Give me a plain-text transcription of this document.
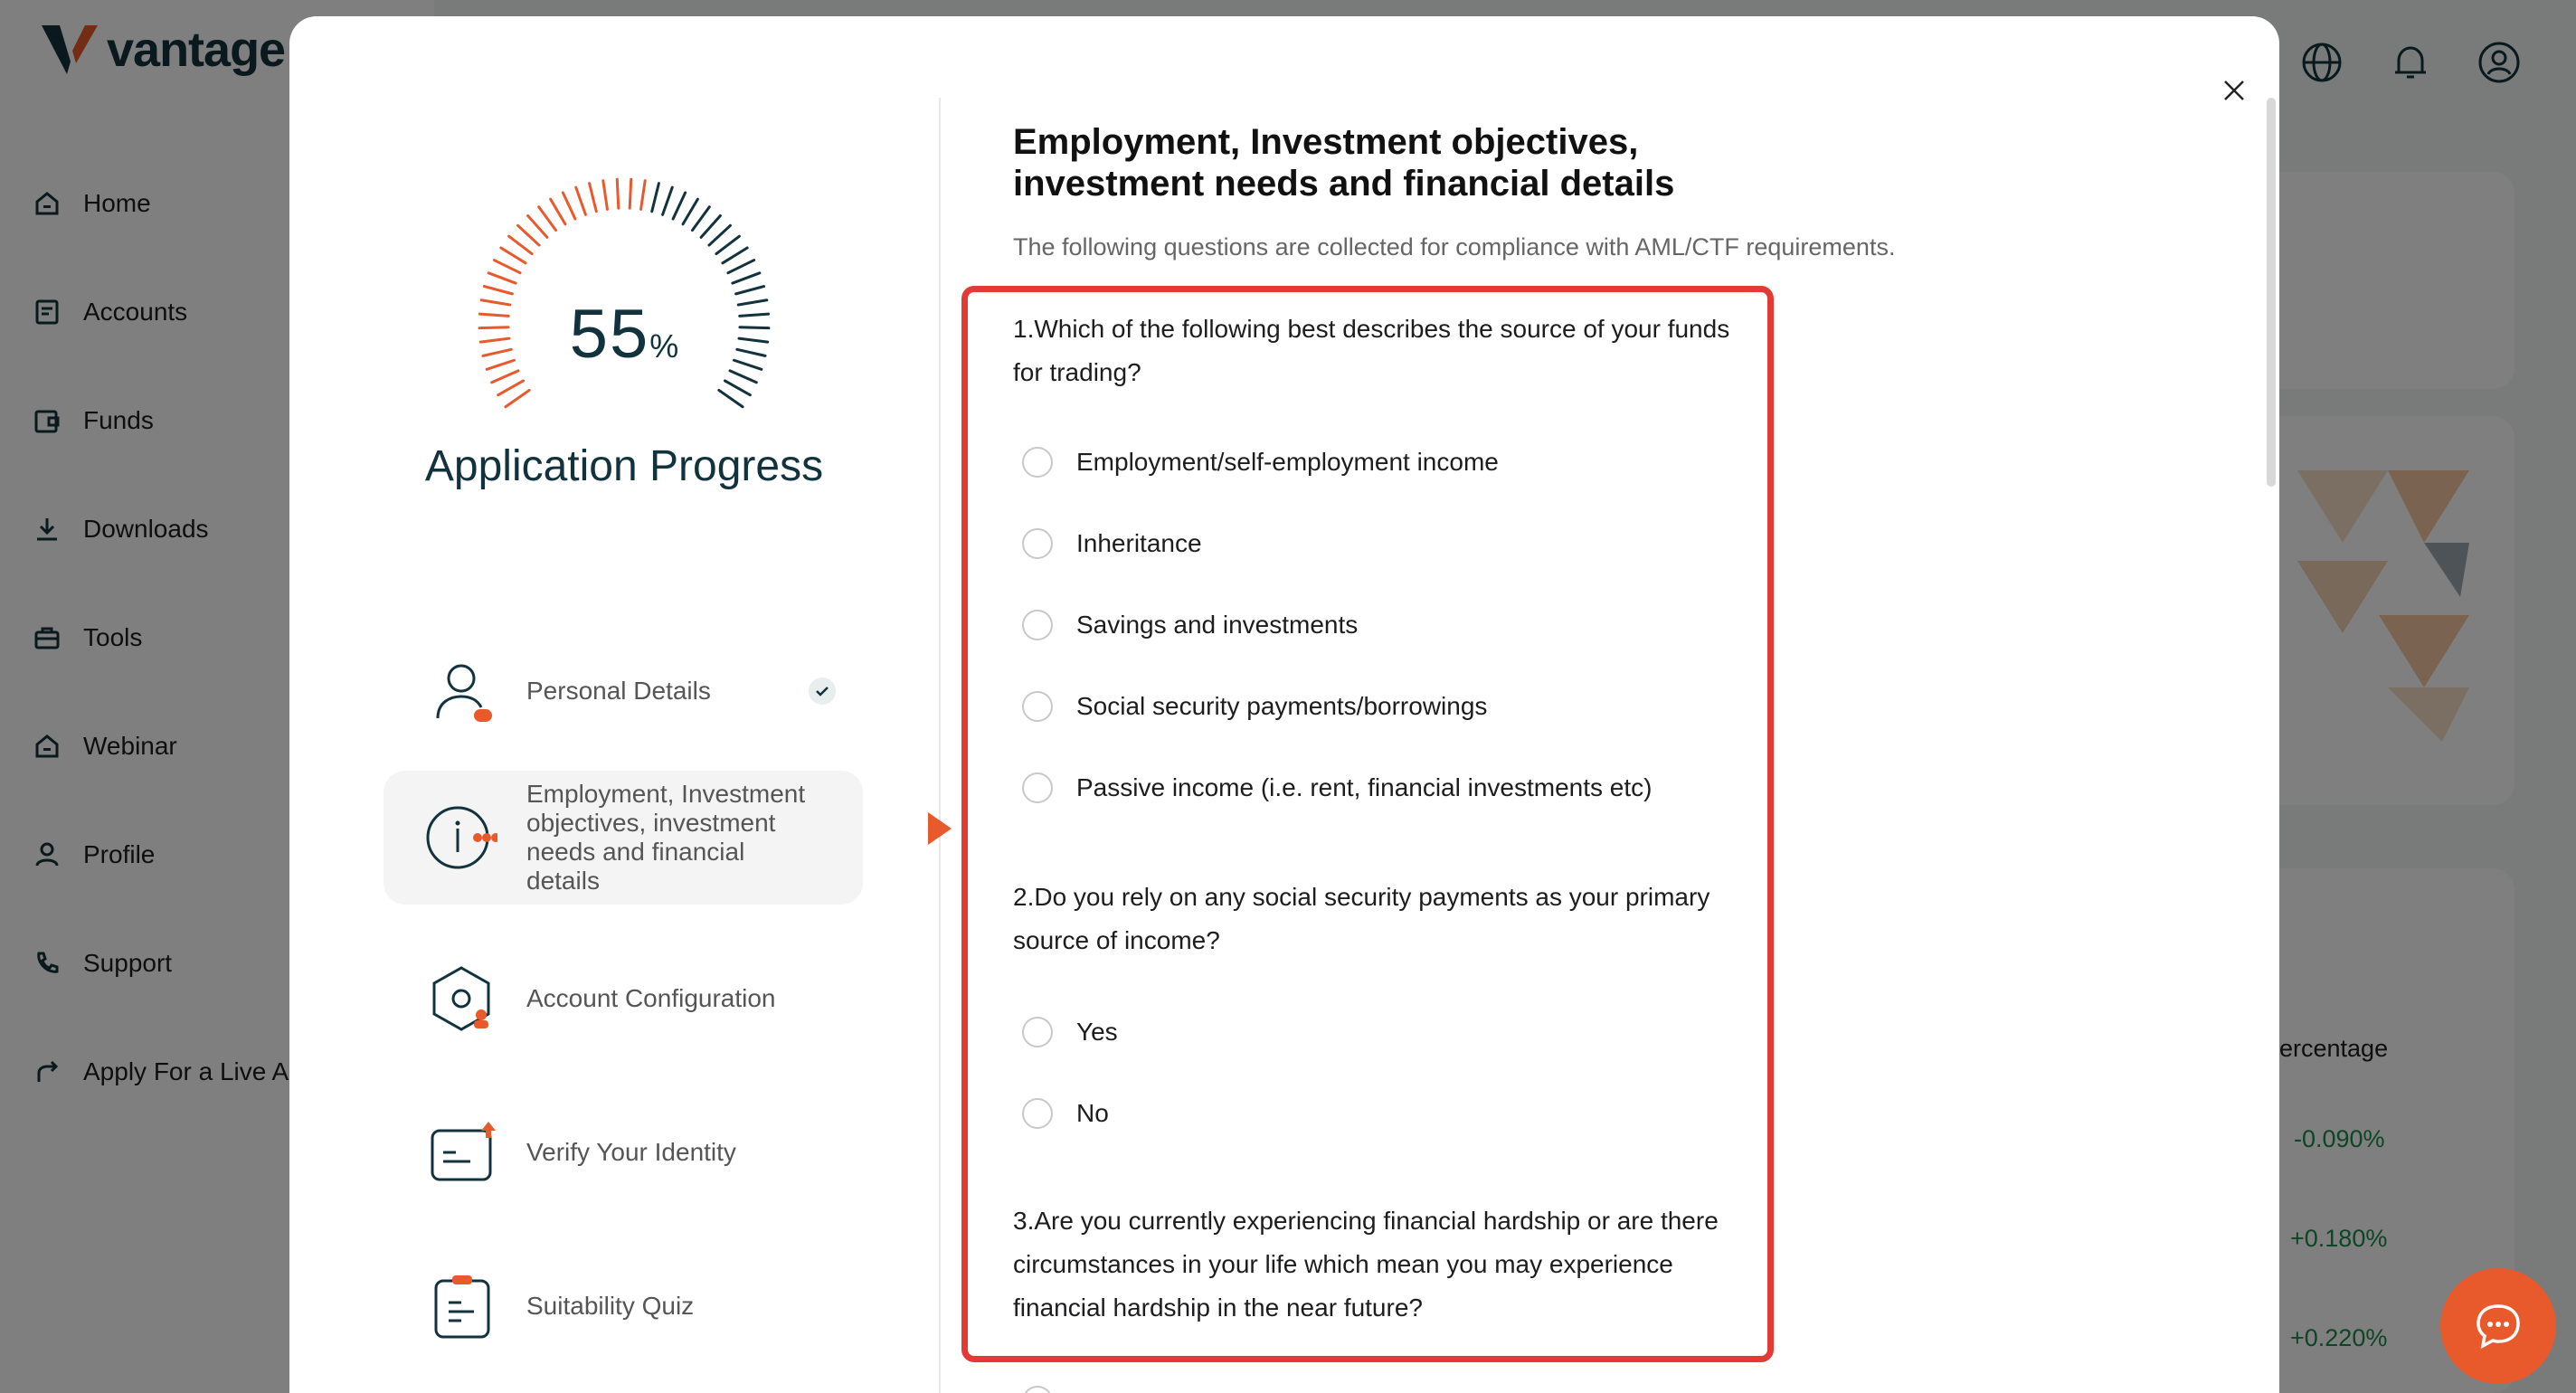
55%
Application Progress
Personal Details
Employment, Investment objectives, investment needs and financial details
Account Configuration
Verify Your Identity
Suitability Quiz
Employment, Investment objectives, investment needs and financial details
The following questions are collected for compliance with AML/CTF requirements.
1.Which of the following best describes the source of your funds for trading?
Employment/self-employment income
Inheritance
Savings and investments
Social security payments/borrowings
Passive income (i.e. rent, financial investments etc)
2.Do you rely on any social security payments as your primary source of income?
Yes
No
3.Are you currently experiencing financial hardship or are there circumstances in your life which mean you may experience financial hardship in the near future?
